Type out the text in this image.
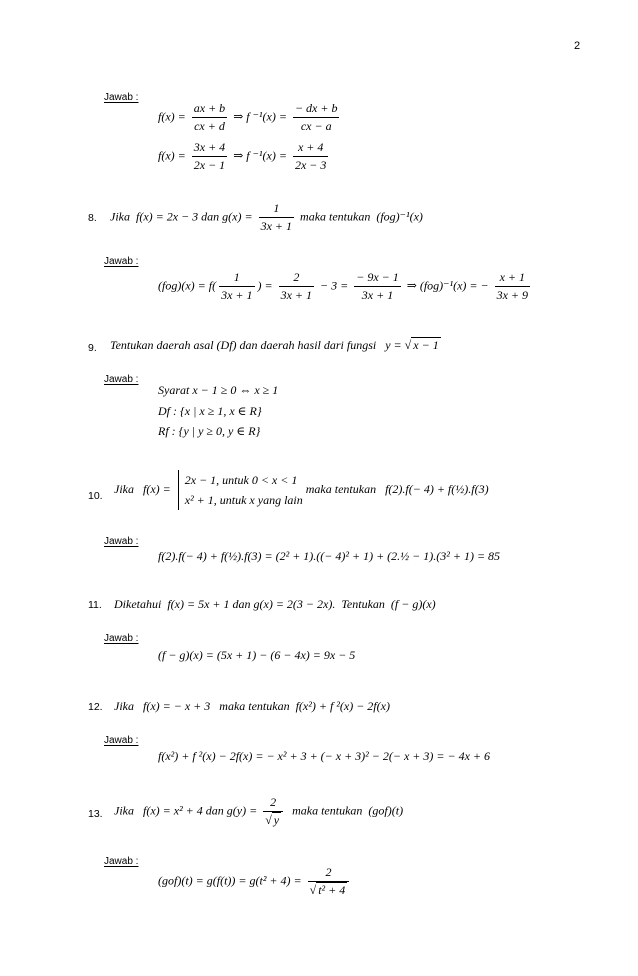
2
Jawab :
$f(x) = \frac{ax + b}{cx + d}$ ⇒ f $^{-1}(x) = \frac{- dx + b}{cx - a}$
$f(x) = \frac{3x + 4}{2x - 1}$ ⇒ f $^{-1}(x) = \frac{x + 4}{2x - 3}$
8. Jika f(x) = 2x − 3 dan $g(x) = \frac{1}{3x + 1}$ maka tentukan (fog)⁻¹(x)
Jawab :
$(fog)(x) = f( \frac{1}{3x + 1}$ ) = $\frac{2}{3x + 1} - 3 = \frac{- 9x - 1}{3x + 1}$ ⇒ (fog)⁻¹(x) = − $\frac{x + 1}{3x + 9}$
9. Tentukan daerah asal (Df) dan daerah hasil dari fungsi y = √ x − 1
Jawab :
Syarat x − 1 ≥ 0 ⇔ x ≥ 1
Df : {x | x ≥ 1, x ∈ R}
Rf : {y | y ≥ 0, y ∈ R}
10.
Jika f(x) =
2x − 1, untuk 0 < x < 1
x² + 1, untuk x yang lain
maka tentukan f(2).f(− 4) + f(½).f(3)
Jawab :
f(2).f(− 4) + f(½).f(3) = (2² + 1).((− 4)² + 1) + (2.½ − 1).(3² + 1) = 85
11. Diketahui f(x) = 5x + 1 dan g(x) = 2(3 − 2x). Tentukan (f − g)(x)
Jawab :
(f − g)(x) = (5x + 1) − (6 − 4x) = 9x − 5
12. Jika f(x) = − x + 3 maka tentukan f(x²) + f ²(x) − 2f(x)
Jawab :
f(x²) + f ²(x) − 2f(x) = − x² + 3 + (− x + 3)² − 2(− x + 3) = − 4x + 6
13. Jika f(x) = x² + 4 dan $g(y) = \frac{2}{√ y}$ maka tentukan (gof)(t)
Jawab :
$(gof)(t) = g(f(t)) = g(t^2 + 4) = \frac{2}{\text{√ t² + 4}}$
